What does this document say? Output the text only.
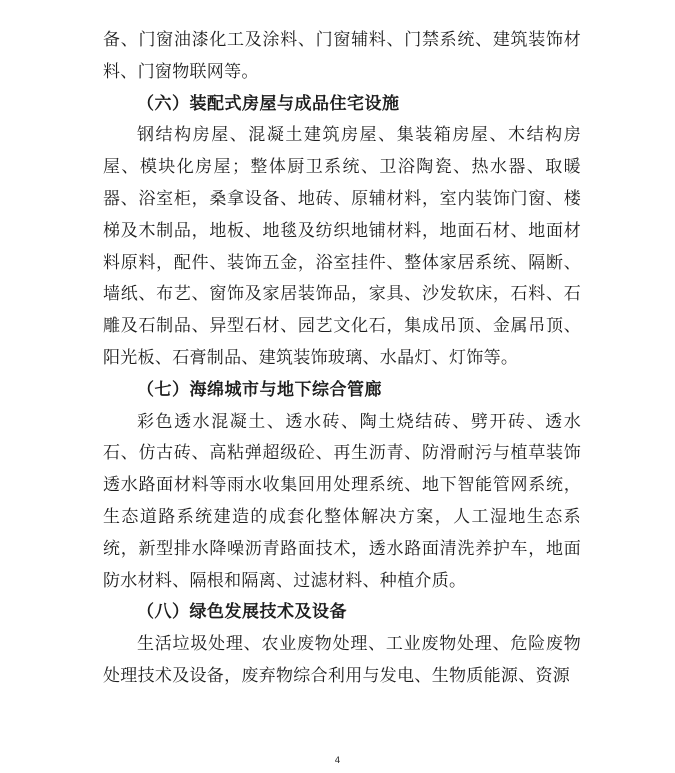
备、门窗油漆化工及涂料、门窗辅料、门禁系统、建筑装饰材料、门窗物联网等。

（六）装配式房屋与成品住宅设施

钢结构房屋、混凝土建筑房屋、集装箱房屋、木结构房屋、模块化房屋；整体厨卫系统、卫浴陶瓷、热水器、取暖器、浴室柜，桑拿设备、地砖、原辅材料，室内装饰门窗、楼梯及木制品，地板、地毯及纺织地铺材料，地面石材、地面材料原料，配件、装饰五金，浴室挂件、整体家居系统、隔断、墙纸、布艺、窗饰及家居装饰品，家具、沙发软床，石料、石雕及石制品、异型石材、园艺文化石，集成吊顶、金属吊顶、阳光板、石膏制品、建筑装饰玻璃、水晶灯、灯饰等。

（七）海绵城市与地下综合管廊

彩色透水混凝土、透水砖、陶土烧结砖、劈开砖、透水石、仿古砖、高粘弹超级砼、再生沥青、防滑耐污与植草装饰透水路面材料等雨水收集回用处理系统、地下智能管网系统，生态道路系统建造的成套化整体解决方案，人工湿地生态系统，新型排水降噪沥青路面技术，透水路面清洗养护车，地面防水材料、隔根和隔离、过滤材料、种植介质。

（八）绿色发展技术及设备

生活垃圾处理、农业废物处理、工业废物处理、危险废物处理技术及设备，废弃物综合利用与发电、生物质能源、资源

4
